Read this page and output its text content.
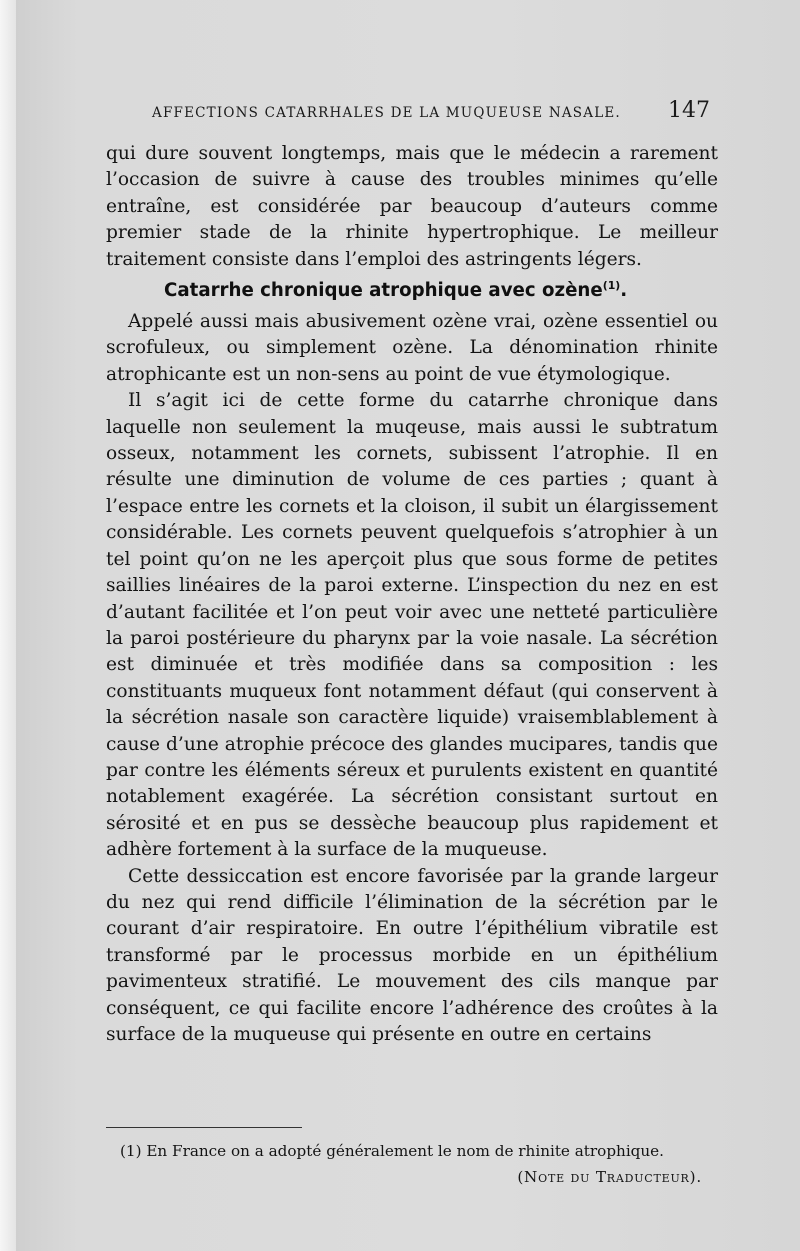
AFFECTIONS CATARRHALES DE LA MUQUEUSE NASALE. 147

qui dure souvent longtemps, mais que le médecin a rarement l’occasion de suivre à cause des troubles minimes qu’elle entraîne, est considérée par beaucoup d’auteurs comme premier stade de la rhinite hypertrophique. Le meilleur traitement consiste dans l’emploi des astringents légers.

Catarrhe chronique atrophique avec ozène$^{(1)}$.

Appelé aussi mais abusivement ozène vrai, ozène essentiel ou scrofuleux, ou simplement ozène. La dénomination rhinite atrophicante est un non-sens au point de vue étymologique.

Il s’agit ici de cette forme du catarrhe chronique dans laquelle non seulement la muqeuse, mais aussi le subtratum osseux, notamment les cornets, subissent l’atrophie. Il en résulte une diminution de volume de ces parties ; quant à l’espace entre les cornets et la cloison, il subit un élargissement considérable. Les cornets peuvent quelquefois s’atrophier à un tel point qu’on ne les aperçoit plus que sous forme de petites saillies linéaires de la paroi externe. L’inspection du nez en est d’autant facilitée et l’on peut voir avec une netteté particulière la paroi postérieure du pharynx par la voie nasale. La sécrétion est diminuée et très modifiée dans sa composition : les constituants muqueux font notamment défaut (qui conservent à la sécrétion nasale son caractère liquide) vraisemblablement à cause d’une atrophie précoce des glandes mucipares, tandis que par contre les éléments séreux et purulents existent en quantité notablement exagérée. La sécrétion consistant surtout en sérosité et en pus se dessèche beaucoup plus rapidement et adhère fortement à la surface de la muqueuse.

Cette dessiccation est encore favorisée par la grande largeur du nez qui rend difficile l’élimination de la sécrétion par le courant d’air respiratoire. En outre l’épithélium vibratile est transformé par le processus morbide en un épithélium pavimenteux stratifié. Le mouvement des cils manque par conséquent, ce qui facilite encore l’adhérence des croûtes à la surface de la muqueuse qui présente en outre en certains

(1) En France on a adopté généralement le nom de rhinite atrophique.
(Note du Traducteur).
